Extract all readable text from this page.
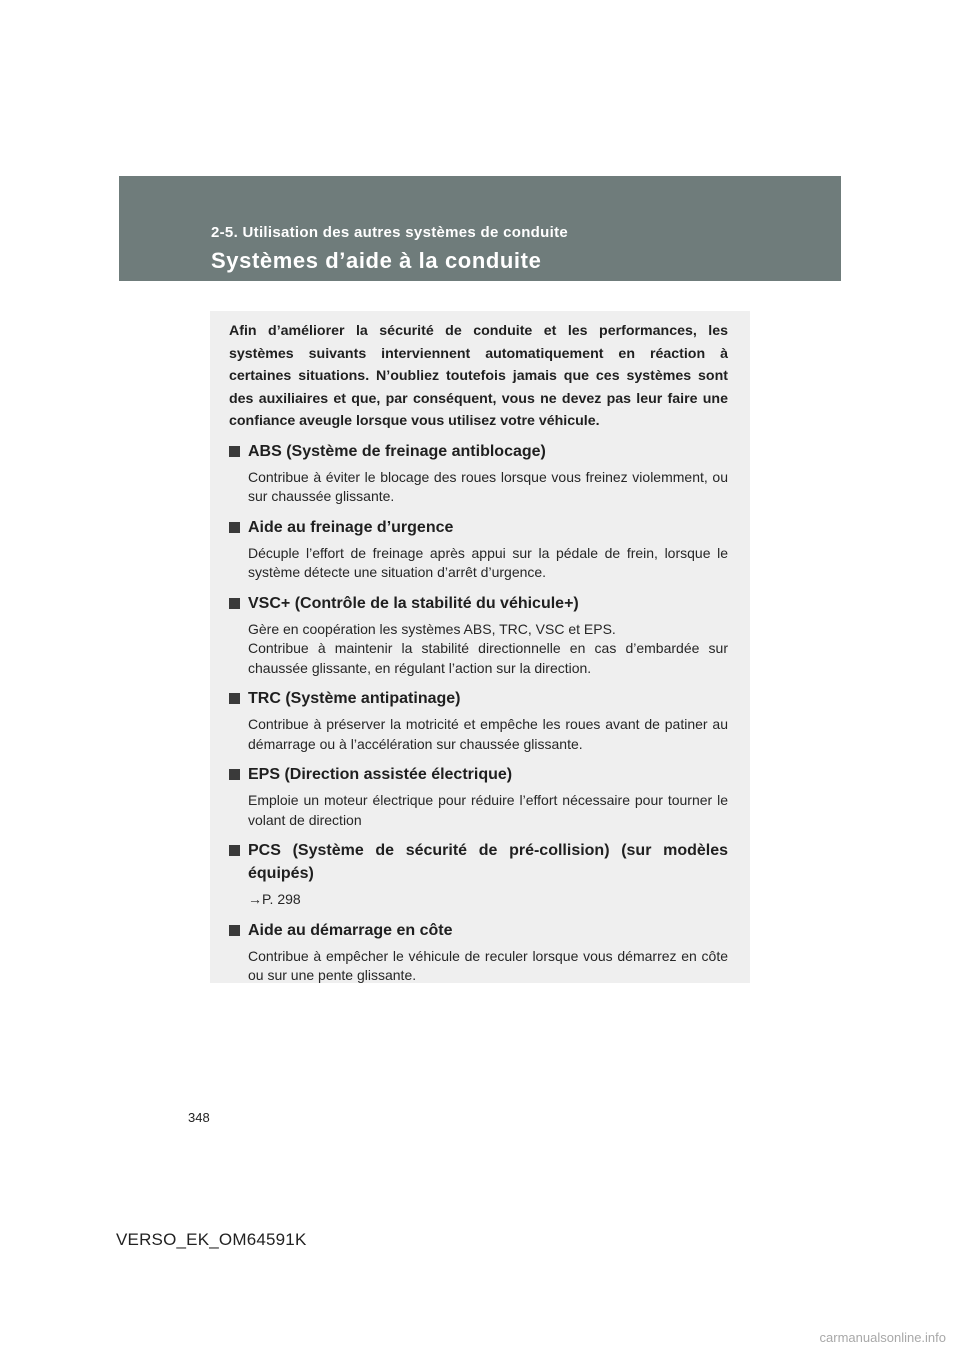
2-5. Utilisation des autres systèmes de conduite
Systèmes d’aide à la conduite

Afin d’améliorer la sécurité de conduite et les performances, les systèmes suivants interviennent automatiquement en réaction à certaines situations. N’oubliez toutefois jamais que ces systèmes sont des auxiliaires et que, par conséquent, vous ne devez pas leur faire une confiance aveugle lorsque vous utilisez votre véhicule.

ABS (Système de freinage antiblocage)
Contribue à éviter le blocage des roues lorsque vous freinez violemment, ou sur chaussée glissante.
Aide au freinage d’urgence
Décuple l’effort de freinage après appui sur la pédale de frein, lorsque le système détecte une situation d’arrêt d’urgence.
VSC+ (Contrôle de la stabilité du véhicule+)
Gère en coopération les systèmes ABS, TRC, VSC et EPS.
Contribue à maintenir la stabilité directionnelle en cas d’embardée sur chaussée glissante, en régulant l’action sur la direction.
TRC (Système antipatinage)
Contribue à préserver la motricité et empêche les roues avant de patiner au démarrage ou à l’accélération sur chaussée glissante.
EPS (Direction assistée électrique)
Emploie un moteur électrique pour réduire l’effort nécessaire pour tourner le volant de direction
PCS (Système de sécurité de pré-collision) (sur modèles équipés)
→P. 298
Aide au démarrage en côte
Contribue à empêcher le véhicule de reculer lorsque vous démarrez en côte ou sur une pente glissante.
348
VERSO_EK_OM64591K
carmanualsonline.info
